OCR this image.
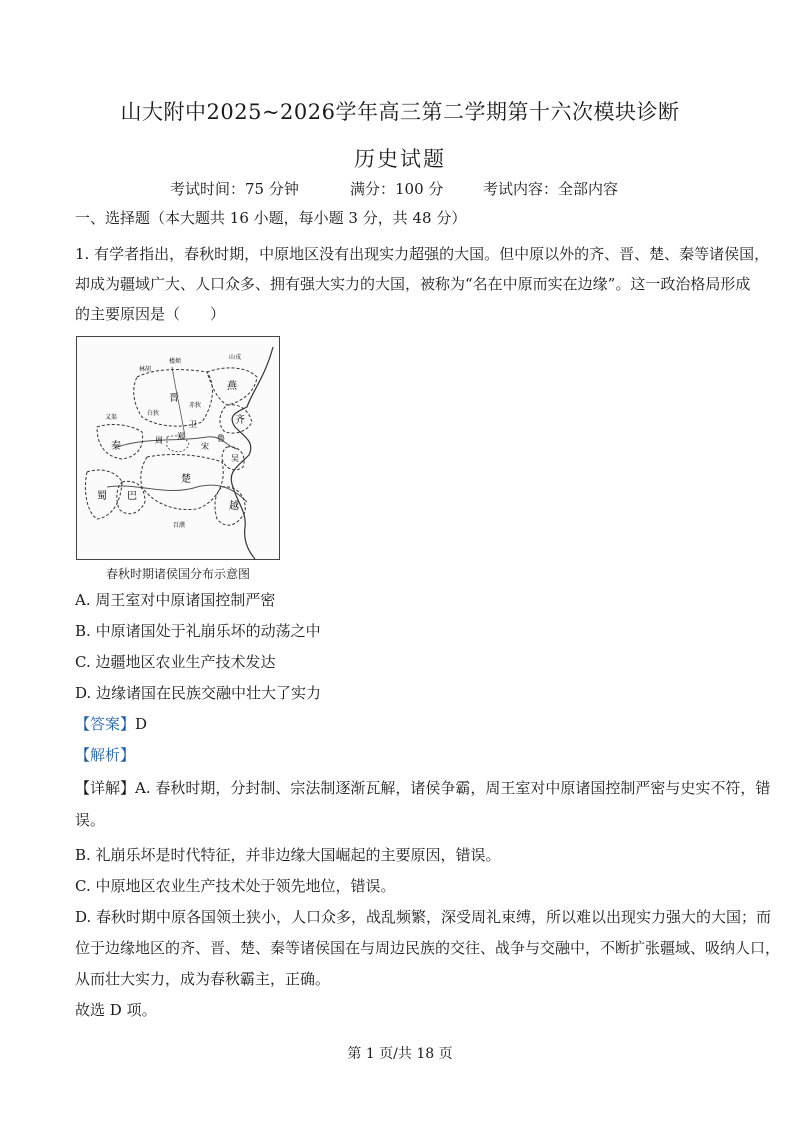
山大附中2025~2026学年高三第二学期第十六次模块诊断
历史试题
考试时间：75 分钟	满分：100 分	考试内容：全部内容
一、选择题（本大题共 16 小题，每小题 3 分，共 48 分）
1. 有学者指出，春秋时期，中原地区没有出现实力超强的大国。但中原以外的齐、晋、楚、秦等诸侯国，
却成为疆域广大、人口众多、拥有强大实力的大国，被称为“名在中原而实在边缘”。这一政治格局形成
的主要原因是（　　）
燕
晋
齐
秦
鲁
宋
郑
周
楚
蜀 巴
越
吴
卫
白狄
赤狄
林胡
楼烦
山戎
义渠
百濮
春秋时期诸侯国分布示意图
A. 周王室对中原诸国控制严密
B. 中原诸国处于礼崩乐坏的动荡之中
C. 边疆地区农业生产技术发达
D. 边缘诸国在民族交融中壮大了实力
【答案】D
【解析】
【详解】A. 春秋时期，分封制、宗法制逐渐瓦解，诸侯争霸，周王室对中原诸国控制严密与史实不符，错
误。
B. 礼崩乐坏是时代特征，并非边缘大国崛起的主要原因，错误。
C. 中原地区农业生产技术处于领先地位，错误。
D. 春秋时期中原各国领土狭小，人口众多，战乱频繁，深受周礼束缚，所以难以出现实力强大的大国；而
位于边缘地区的齐、晋、楚、秦等诸侯国在与周边民族的交往、战争与交融中，不断扩张疆域、吸纳人口，
从而壮大实力，成为春秋霸主，正确。
故选 D 项。
第 1 页/共 18 页
